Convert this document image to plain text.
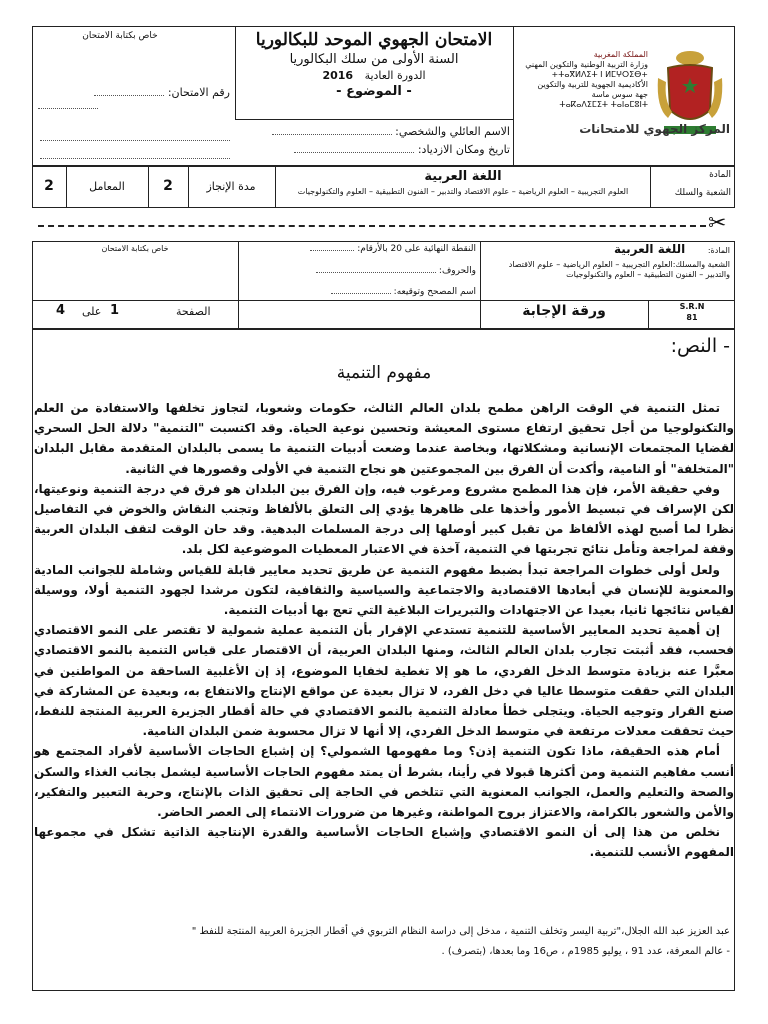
المملكة المغربية
وزارة التربية الوطنية والتكوين المهني
+ⵜⴰⴳⵍⴷⵉⵜ ⵏ ⵍⵎⵖⵔⵉⴱ+
الأكاديمية الجهوية للتربية والتكوين
جهة سوس ماسة
ⵜⴰⴽⴰⴷⵉⵎⵉⵜ ⵜⴰⵏⴰⵎⵓⵏⵜ
المركز الجهوي للامتحانات
الامتحان الجهوي الموحد للبكالوريا
السنة الأولى من سلك البكالوريا
الدورة العادية 2016
- الموضوع -
خاص بكتابة الامتحان
رقم الامتحان:
الاسم العائلي والشخصي:
تاريخ ومكان الازدياد:
2	المعامل	2	مدة الإنجاز
اللغة العربية
العلوم التجريبية – العلوم الرياضية – علوم الاقتصاد والتدبير – الفنون التطبيقية – العلوم والتكنولوجيات
المادة
الشعبة والسلك
✂
خاص بكتابة الامتحان	النقطة النهائية على 20 بالأرقام:
والحروف:
اسم المصحح وتوقيعه:
المادة: اللغة العربية
الشعبة والمسلك:العلوم التجريبية – العلوم الرياضية – علوم الاقتصاد والتدبير – الفنون التطبيقية – العلوم والتكنولوجيات
ورقة الإجابة	S.R.N
81
4 على 1	الصفحة
- النص:
مفهوم التنمية

تمثل التنمية في الوقت الراهن مطمح بلدان العالم الثالث، حكومات وشعوبا، لتجاوز تخلفها والاستفادة من العلم والتكنولوجيا من أجل تحقيق ارتفاع مستوى المعيشة وتحسين نوعية الحياة. وقد اكتسبت "التنمية" دلالة الحل السحري لقضايا المجتمعات الإنسانية ومشكلاتها، وبخاصة عندما وضعت أدبيات التنمية ما يسمى بالبلدان المتقدمة مقابل البلدان "المتخلفة" أو النامية، وأكدت أن الفرق بين المجموعتين هو نجاح التنمية في الأولى وقصورها في الثانية.

وفي حقيقة الأمر، فإن هذا المطمح مشروع ومرغوب فيه، وإن الفرق بين البلدان هو فرق في درجة التنمية ونوعيتها، لكن الإسراف في تبسيط الأمور وأخذها على ظاهرها يؤدي إلى التعلق بالألفاظ وتجنب النقاش والخوض في التفاصيل نظرا لما أصبح لهذه الألفاظ من تقبل كبير أوصلها إلى درجة المسلمات البدهية. وقد حان الوقت لتقف البلدان العربية وقفة لمراجعة وتأمل نتائج تجربتها في التنمية، آخذة في الاعتبار المعطيات الموضوعية لكل بلد.

ولعل أولى خطوات المراجعة تبدأ بضبط مفهوم التنمية عن طريق تحديد معايير قابلة للقياس وشاملة للجوانب المادية والمعنوية للإنسان في أبعادها الاقتصادية والاجتماعية والسياسية والثقافية، لتكون مرشدا لجهود التنمية أولا، ووسيلة لقياس نتائجها ثانيا، بعيدا عن الاجتهادات والتبريرات البلاغية التي تعج بها أدبيات التنمية.

إن أهمية تحديد المعايير الأساسية للتنمية تستدعي الإقرار بأن التنمية عملية شمولية لا تقتصر على النمو الاقتصادي فحسب، فقد أثبتت تجارب بلدان العالم الثالث، ومنها البلدان العربية، أن الاقتصار على قياس التنمية بالنمو الاقتصادي معبَّرا عنه بزيادة متوسط الدخل الفردي، ما هو إلا تغطية لخفايا الموضوع، إذ إن الأغلبية الساحقة من المواطنين في البلدان التي حققت متوسطا عاليا في دخل الفرد، لا تزال بعيدة عن مواقع الإنتاج والانتفاع به، وبعيدة عن المشاركة في صنع القرار وتوجيه الحياة. ويتجلى خطأ معادلة التنمية بالنمو الاقتصادي في حالة أقطار الجزيرة العربية المنتجة للنفط، حيث تحققت معدلات مرتفعة في متوسط الدخل الفردي، إلا أنها لا تزال محسوبة ضمن البلدان النامية.

أمام هذه الحقيقة، ماذا تكون التنمية إذن؟ وما مفهومها الشمولي؟ إن إشباع الحاجات الأساسية لأفراد المجتمع هو أنسب مفاهيم التنمية ومن أكثرها قبولا في رأينا، بشرط أن يمتد مفهوم الحاجات الأساسية ليشمل بجانب الغذاء والسكن والصحة والتعليم والعمل، الجوانب المعنوية التي تتلخص في الحاجة إلى تحقيق الذات بالإنتاج، وحرية التعبير والتفكير، والأمن والشعور بالكرامة، والاعتزاز بروح المواطنة، وغيرها من ضرورات الانتماء إلى العصر الحاضر.

نخلص من هذا إلى أن النمو الاقتصادي وإشباع الحاجات الأساسية والقدرة الإنتاجية الذاتية تشكل في مجموعها المفهوم الأنسب للتنمية.

عبد العزيز عبد الله الجلال،"تربية اليسر وتخلف التنمية ، مدخل إلى دراسة النظام التربوي في أقطار الجزيرة العربية المنتجة للنفط "
- عالم المعرفة، عدد 91 ، يوليو 1985م ، ص16 وما بعدها، (بتصرف) .
